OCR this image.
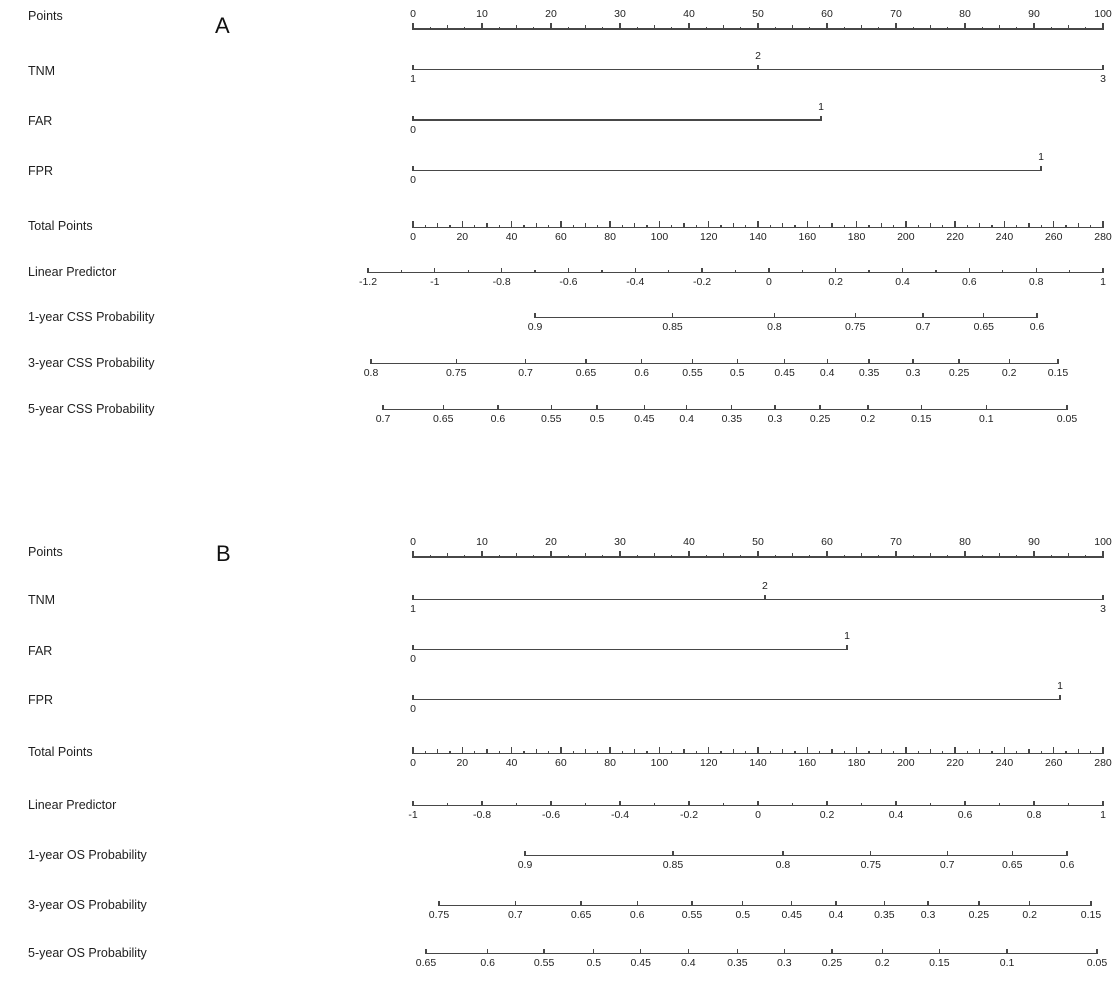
A
Points	0	10	20	30	40	50	60	70	80	90	100
TNM
1	3
2
FAR
0
1
FPR
0
1
Total Points
0	20	40	60	80	100	120	140	160	180	200	220	240	260	280
Linear Predictor
-1.2	-1	-0.8	-0.6	-0.4	-0.2	0	0.2	0.4	0.6	0.8	1
1-year CSS Probability
0.9	0.85	0.8	0.75	0.7	0.65	0.6
3-year CSS Probability
0.8	0.75	0.7	0.65	0.6	0.55	0.5	0.45 0.4 0.35	0.3	0.25	0.2	0.15
5-year CSS Probability
0.7	0.65	0.6	0.55	0.5	0.45 0.4	0.35 0.3	0.25	0.2	0.15	0.1	0.05
B
Points
0	10	20	30	40	50	60	70	80	90	100
TNM
1	3
2
FAR
0
1
FPR
0
1
Total Points
0	20	40	60	80	100	120	140	160	180	200	220	240	260	280
Linear Predictor
-1	-0.8	-0.6	-0.4	-0.2	0	0.2	0.4	0.6	0.8	1
1-year OS Probability
0.9	0.85	0.8	0.75	0.7	0.65	0.6
3-year OS Probability
0.75	0.7	0.65	0.6	0.55	0.5	0.45	0.4	0.35 0.3	0.25	0.2	0.15
5-year OS Probability
0.65	0.6	0.55	0.5	0.45	0.4	0.35	0.3	0.25	0.2	0.15	0.1	0.05
